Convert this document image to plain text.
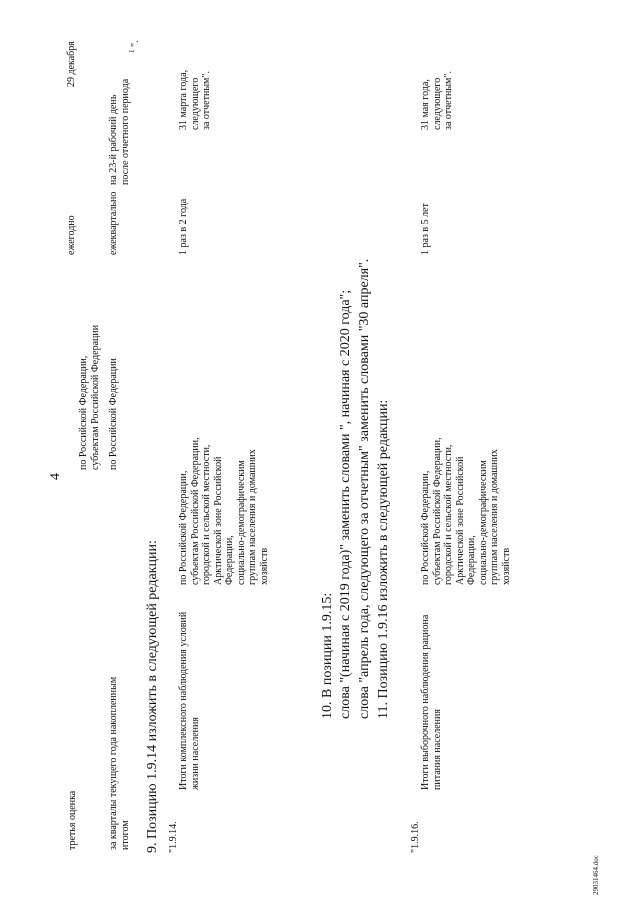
4
третья оценка
по Российской Федерации,
субъектам Российской Федерации
ежегодно
29 декабря
за кварталы текущего года накопленным
итогом
по Российской Федерации
ежеквартально
на 23-й рабочий день
после отчетного периода
1
".
9. Позицию 1.9.14 изложить в следующей редакции: "1.9.14.
Итоги комплексного наблюдения условий
жизни населения
по Российской Федерации,
субъектам Российской Федерации,
городской и сельской местности,
Арктической зоне Российской
Федерации,
социально-демографическим
группам населения и домашних
хозяйств
1 раз в 2 года
31 марта года,
следующего
за отчетным".
10. В позиции 1.9.15: слова "(начиная с 2019 года)" заменить словами ", начиная с 2020 года"; слова "апрель года, следующего за отчетным" заменить словами "30 апреля". 11. Позицию 1.9.16 изложить в следующей редакции:
"1.9.16.
Итоги выборочного наблюдения рациона
питания населения
по Российской Федерации,
субъектам Российской Федерации,
городской и сельской местности,
Арктической зоне Российской
Федерации,
социально-демографическим
группам населения и домашних
хозяйств
1 раз в 5 лет
31 мая года,
следующего
за отчетным".
29031464.doc
